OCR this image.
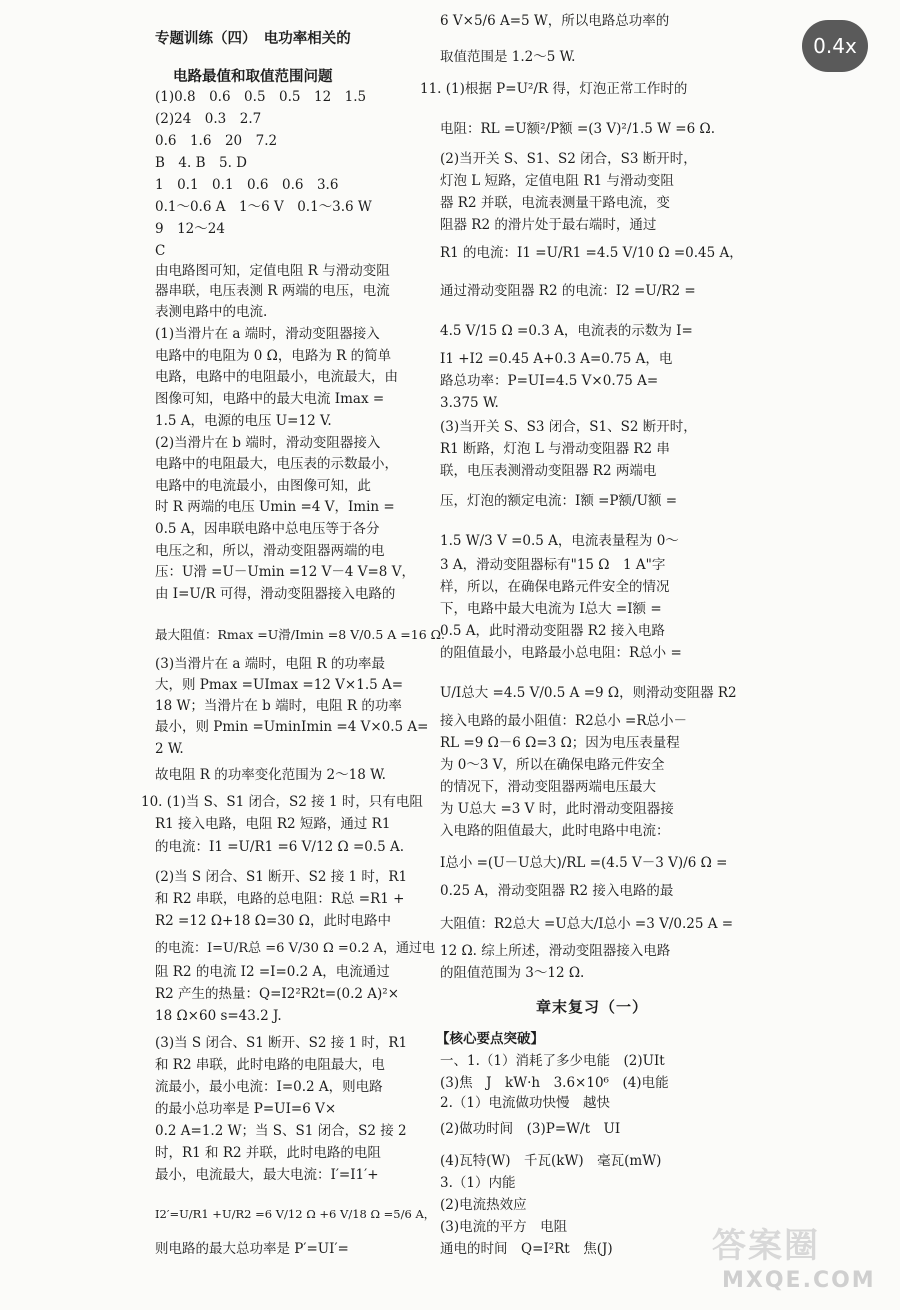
专题训练（四）　电功率相关的
电路最值和取值范围问题
(1)0.8　0.6　0.5　0.5　12　1.5
(2)24　0.3　2.7
0.6　1.6　20　7.2
B　4. B　5. D
1　0.1　0.1　0.6　0.6　3.6
0.1～0.6 A　1～6 V　0.1～3.6 W
9　12～24
C
由电路图可知，定值电阻 R 与滑动变阻
器串联，电压表测 R 两端的电压，电流
表测电路中的电流.
(1)当滑片在 a 端时，滑动变阻器接入
电路中的电阻为 0 Ω，电路为 R 的简单
电路，电路中的电阻最小，电流最大，由
图像可知，电路中的最大电流 Imax =
1.5 A，电源的电压 U=12 V.
(2)当滑片在 b 端时，滑动变阻器接入
电路中的电阻最大，电压表的示数最小，
电路中的电流最小，由图像可知，此
时 R 两端的电压 Umin =4 V，Imin =
0.5 A，因串联电路中总电压等于各分
电压之和，所以，滑动变阻器两端的电
压：U滑 =U－Umin =12 V－4 V=8 V，
由 I=U/R 可得，滑动变阻器接入电路的
最大阻值：Rmax =U滑/Imin =8 V/0.5 A =16 Ω.
(3)当滑片在 a 端时，电阻 R 的功率最
大，则 Pmax =UImax =12 V×1.5 A=
18 W；当滑片在 b 端时，电阻 R 的功率
最小，则 Pmin =UminImin =4 V×0.5 A=
2 W.
故电阻 R 的功率变化范围为 2～18 W.
10. (1)当 S、S1 闭合，S2 接 1 时，只有电阻
R1 接入电路，电阻 R2 短路，通过 R1
的电流：I1 =U/R1 =6 V/12 Ω =0.5 A.
(2)当 S 闭合、S1 断开、S2 接 1 时，R1
和 R2 串联，电路的总电阻：R总 =R1 +
R2 =12 Ω+18 Ω=30 Ω，此时电路中
的电流：I=U/R总 =6 V/30 Ω =0.2 A，通过电
阻 R2 的电流 I2 =I=0.2 A，电流通过
R2 产生的热量：Q=I2²R2t=(0.2 A)²×
18 Ω×60 s=43.2 J.
(3)当 S 闭合、S1 断开、S2 接 1 时，R1
和 R2 串联，此时电路的电阻最大，电
流最小，最小电流：I=0.2 A，则电路
的最小总功率是 P=UI=6 V×
0.2 A=1.2 W；当 S、S1 闭合，S2 接 2
时，R1 和 R2 并联，此时电路的电阻
最小，电流最大，最大电流：I′=I1′+
I2′=U/R1 +U/R2 =6 V/12 Ω +6 V/18 Ω =5/6 A，
则电路的最大总功率是 P′=UI′=
6 V×5/6 A=5 W，所以电路总功率的
取值范围是 1.2～5 W.
11. (1)根据 P=U²/R 得，灯泡正常工作时的
电阻：RL =U额²/P额 =(3 V)²/1.5 W =6 Ω.
(2)当开关 S、S1、S2 闭合，S3 断开时，
灯泡 L 短路，定值电阻 R1 与滑动变阻
器 R2 并联，电流表测量干路电流，变
阻器 R2 的滑片处于最右端时，通过
R1 的电流：I1 =U/R1 =4.5 V/10 Ω =0.45 A，
通过滑动变阻器 R2 的电流：I2 =U/R2 =
4.5 V/15 Ω =0.3 A，电流表的示数为 I=
I1 +I2 =0.45 A+0.3 A=0.75 A，电
路总功率：P=UI=4.5 V×0.75 A=
3.375 W.
(3)当开关 S、S3 闭合，S1、S2 断开时，
R1 断路，灯泡 L 与滑动变阻器 R2 串
联，电压表测滑动变阻器 R2 两端电
压，灯泡的额定电流：I额 =P额/U额 =
1.5 W/3 V =0.5 A，电流表量程为 0～
3 A，滑动变阻器标有"15 Ω　1 A"字
样，所以，在确保电路元件安全的情况
下，电路中最大电流为 I总大 =I额 =
0.5 A，此时滑动变阻器 R2 接入电路
的阻值最小，电路最小总电阻：R总小 =
U/I总大 =4.5 V/0.5 A =9 Ω，则滑动变阻器 R2
接入电路的最小阻值：R2总小 =R总小－
RL =9 Ω－6 Ω=3 Ω；因为电压表量程
为 0～3 V，所以在确保电路元件安全
的情况下，滑动变阻器两端电压最大
为 U总大 =3 V 时，此时滑动变阻器接
入电路的阻值最大，此时电路中电流：
I总小 =(U－U总大)/RL =(4.5 V－3 V)/6 Ω =
0.25 A，滑动变阻器 R2 接入电路的最
大阻值：R2总大 =U总大/I总小 =3 V/0.25 A =
12 Ω. 综上所述，滑动变阻器接入电路
的阻值范围为 3～12 Ω.
章末复习（一）
【核心要点突破】
一、1.（1）消耗了多少电能　(2)UIt
(3)焦　J　kW·h　3.6×10⁶　(4)电能
2.（1）电流做功快慢　越快
(2)做功时间　(3)P=W/t　UI
(4)瓦特(W)　千瓦(kW)　毫瓦(mW)
3.（1）内能
(2)电流热效应
(3)电流的平方　电阻
通电的时间　Q=I²Rt　焦(J)	答案圈
MXQE.COM
0.4x
